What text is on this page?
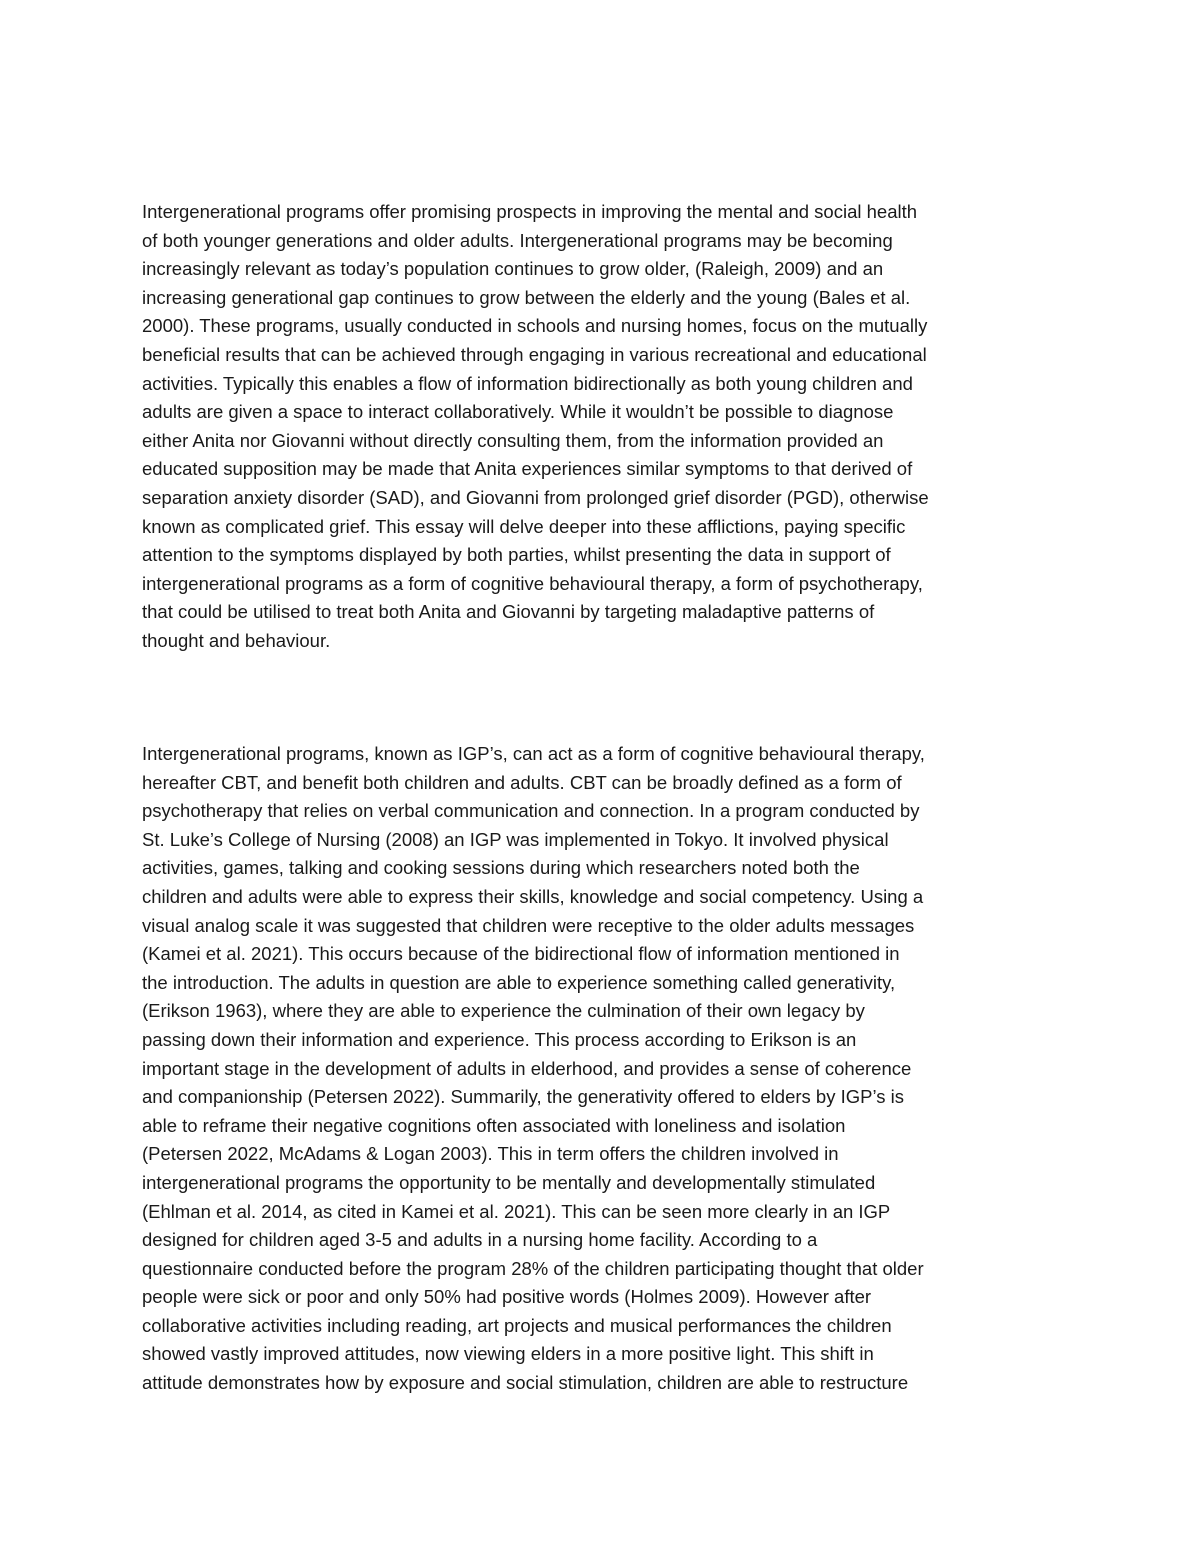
Intergenerational programs offer promising prospects in improving the mental and social health
of both younger generations and older adults. Intergenerational programs may be becoming
increasingly relevant as today’s population continues to grow older, (Raleigh, 2009) and an
increasing generational gap continues to grow between the elderly and the young (Bales et al.
2000). These programs, usually conducted in schools and nursing homes, focus on the mutually
beneficial results that can be achieved through engaging in various recreational and educational
activities. Typically this enables a flow of information bidirectionally as both young children and
adults are given a space to interact collaboratively. While it wouldn’t be possible to diagnose
either Anita nor Giovanni without directly consulting them, from the information provided an
educated supposition may be made that Anita experiences similar symptoms to that derived of
separation anxiety disorder (SAD), and Giovanni from prolonged grief disorder (PGD), otherwise
known as complicated grief. This essay will delve deeper into these afflictions, paying specific
attention to the symptoms displayed by both parties, whilst presenting the data in support of
intergenerational programs as a form of cognitive behavioural therapy, a form of psychotherapy,
that could be utilised to treat both Anita and Giovanni by targeting maladaptive patterns of
thought and behaviour.
Intergenerational programs, known as IGP’s, can act as a form of cognitive behavioural therapy,
hereafter CBT, and benefit both children and adults. CBT can be broadly defined as a form of
psychotherapy that relies on verbal communication and connection. In a program conducted by
St. Luke’s College of Nursing (2008) an IGP was implemented in Tokyo. It involved physical
activities, games, talking and cooking sessions during which researchers noted both the
children and adults were able to express their skills, knowledge and social competency. Using a
visual analog scale it was suggested that children were receptive to the older adults messages
(Kamei et al. 2021). This occurs because of the bidirectional flow of information mentioned in
the introduction. The adults in question are able to experience something called generativity,
(Erikson 1963), where they are able to experience the culmination of their own legacy by
passing down their information and experience. This process according to Erikson is an
important stage in the development of adults in elderhood, and provides a sense of coherence
and companionship (Petersen 2022). Summarily, the generativity offered to elders by IGP’s is
able to reframe their negative cognitions often associated with loneliness and isolation
(Petersen 2022, McAdams & Logan 2003). This in term offers the children involved in
intergenerational programs the opportunity to be mentally and developmentally stimulated
(Ehlman et al. 2014, as cited in Kamei et al. 2021). This can be seen more clearly in an IGP
designed for children aged 3-5 and adults in a nursing home facility. According to a
questionnaire conducted before the program 28% of the children participating thought that older
people were sick or poor and only 50% had positive words (Holmes 2009). However after
collaborative activities including reading, art projects and musical performances the children
showed vastly improved attitudes, now viewing elders in a more positive light. This shift in
attitude demonstrates how by exposure and social stimulation, children are able to restructure
